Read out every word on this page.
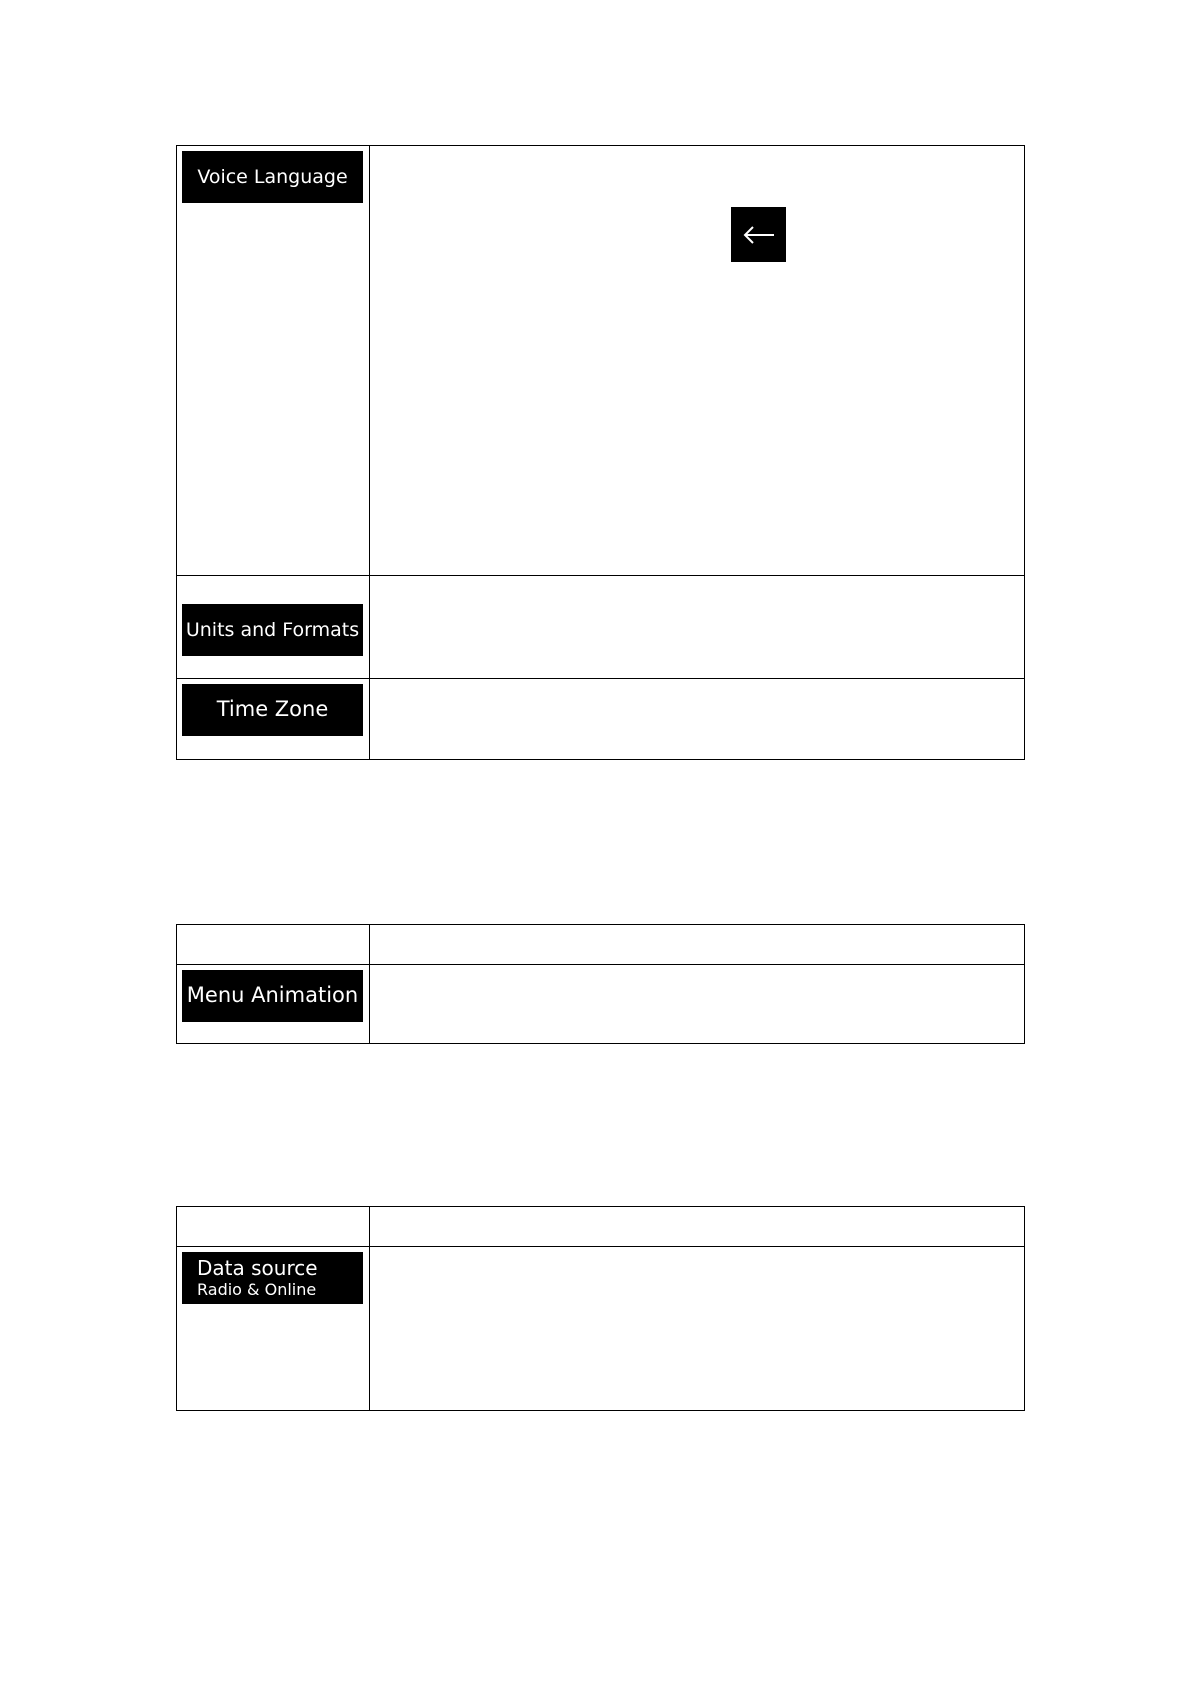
Voice Language	

Units and Formats	

Time Zone	

Menu Animation	

Data source
Radio & Online	
